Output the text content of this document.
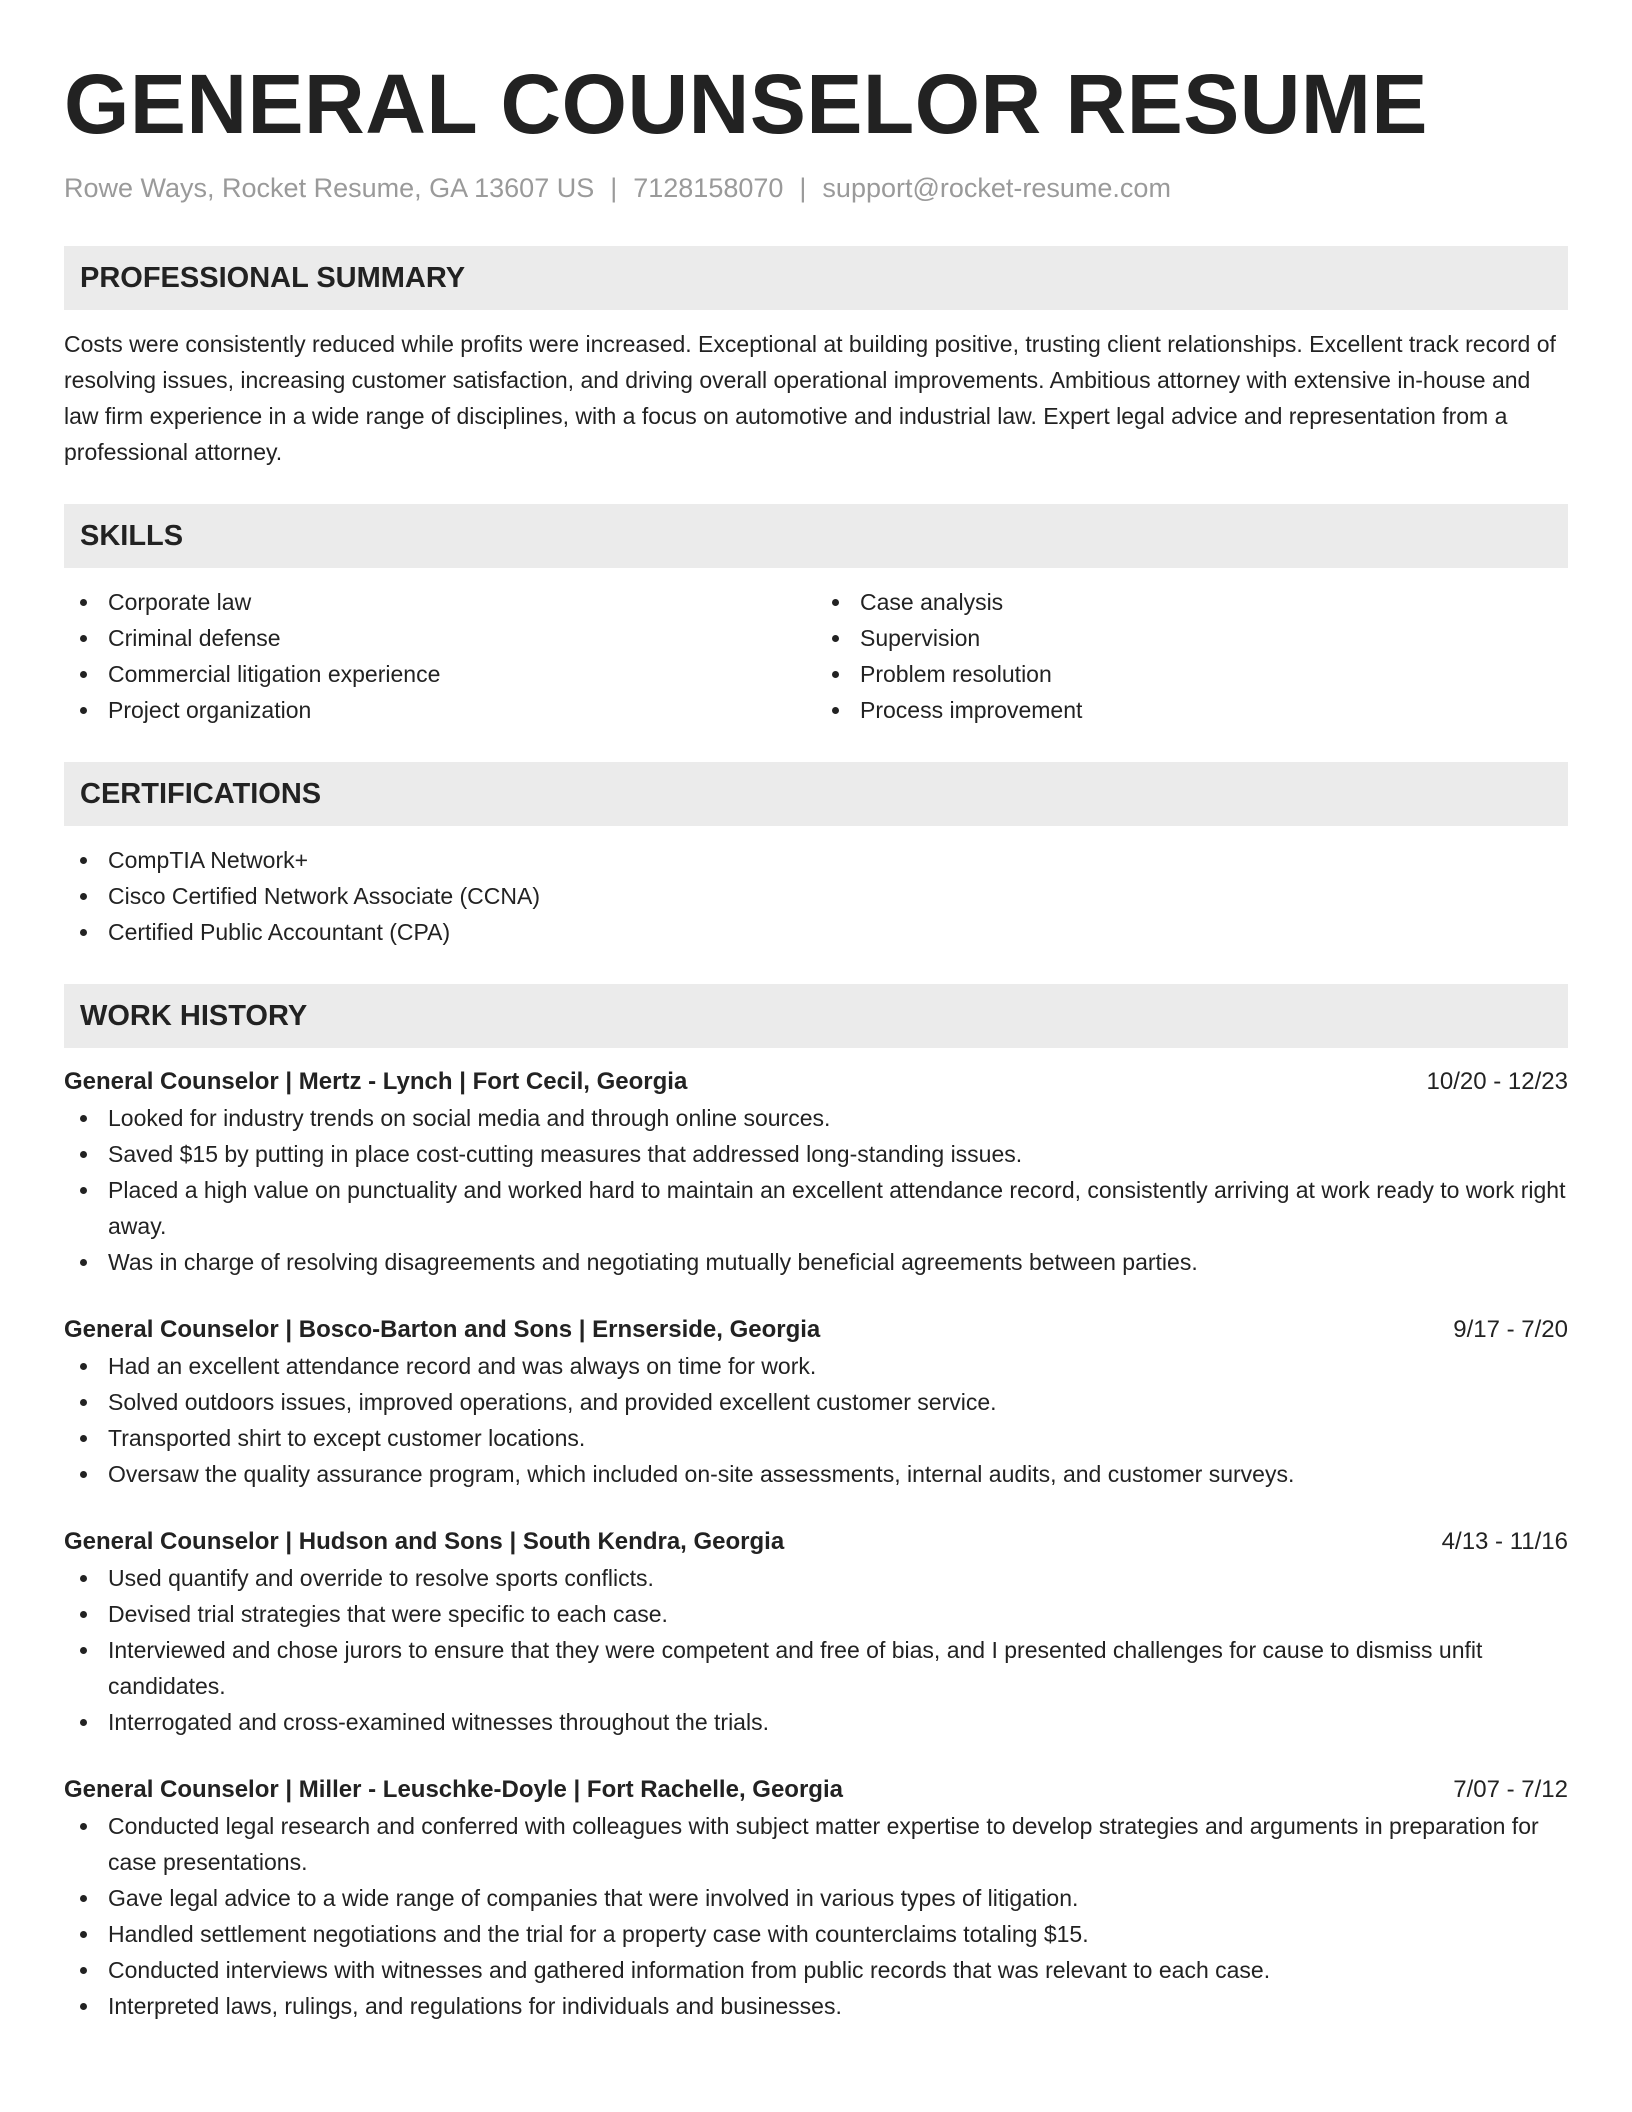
GENERAL COUNSELOR RESUME
Rowe Ways, Rocket Resume, GA 13607 US | 7128158070 | support@rocket-resume.com
PROFESSIONAL SUMMARY

Costs were consistently reduced while profits were increased. Exceptional at building positive, trusting client relationships. Excellent track record of resolving issues, increasing customer satisfaction, and driving overall operational improvements. Ambitious attorney with extensive in-house and law firm experience in a wide range of disciplines, with a focus on automotive and industrial law. Expert legal advice and representation from a professional attorney.

SKILLS
Corporate law
Criminal defense
Commercial litigation experience
Project organization
Case analysis
Supervision
Problem resolution
Process improvement
CERTIFICATIONS
CompTIA Network+
Cisco Certified Network Associate (CCNA)
Certified Public Accountant (CPA)
WORK HISTORY
General Counselor | Mertz - Lynch | Fort Cecil, Georgia	10/20 - 12/23
Looked for industry trends on social media and through online sources.
Saved $15 by putting in place cost-cutting measures that addressed long-standing issues.
Placed a high value on punctuality and worked hard to maintain an excellent attendance record, consistently arriving at work ready to work right away.
Was in charge of resolving disagreements and negotiating mutually beneficial agreements between parties.
General Counselor | Bosco-Barton and Sons | Ernserside, Georgia	9/17 - 7/20
Had an excellent attendance record and was always on time for work.
Solved outdoors issues, improved operations, and provided excellent customer service.
Transported shirt to except customer locations.
Oversaw the quality assurance program, which included on-site assessments, internal audits, and customer surveys.
General Counselor | Hudson and Sons | South Kendra, Georgia	4/13 - 11/16
Used quantify and override to resolve sports conflicts.
Devised trial strategies that were specific to each case.
Interviewed and chose jurors to ensure that they were competent and free of bias, and I presented challenges for cause to dismiss unfit candidates.
Interrogated and cross-examined witnesses throughout the trials.
General Counselor | Miller - Leuschke-Doyle | Fort Rachelle, Georgia	7/07 - 7/12
Conducted legal research and conferred with colleagues with subject matter expertise to develop strategies and arguments in preparation for case presentations.
Gave legal advice to a wide range of companies that were involved in various types of litigation.
Handled settlement negotiations and the trial for a property case with counterclaims totaling $15.
Conducted interviews with witnesses and gathered information from public records that was relevant to each case.
Interpreted laws, rulings, and regulations for individuals and businesses.
